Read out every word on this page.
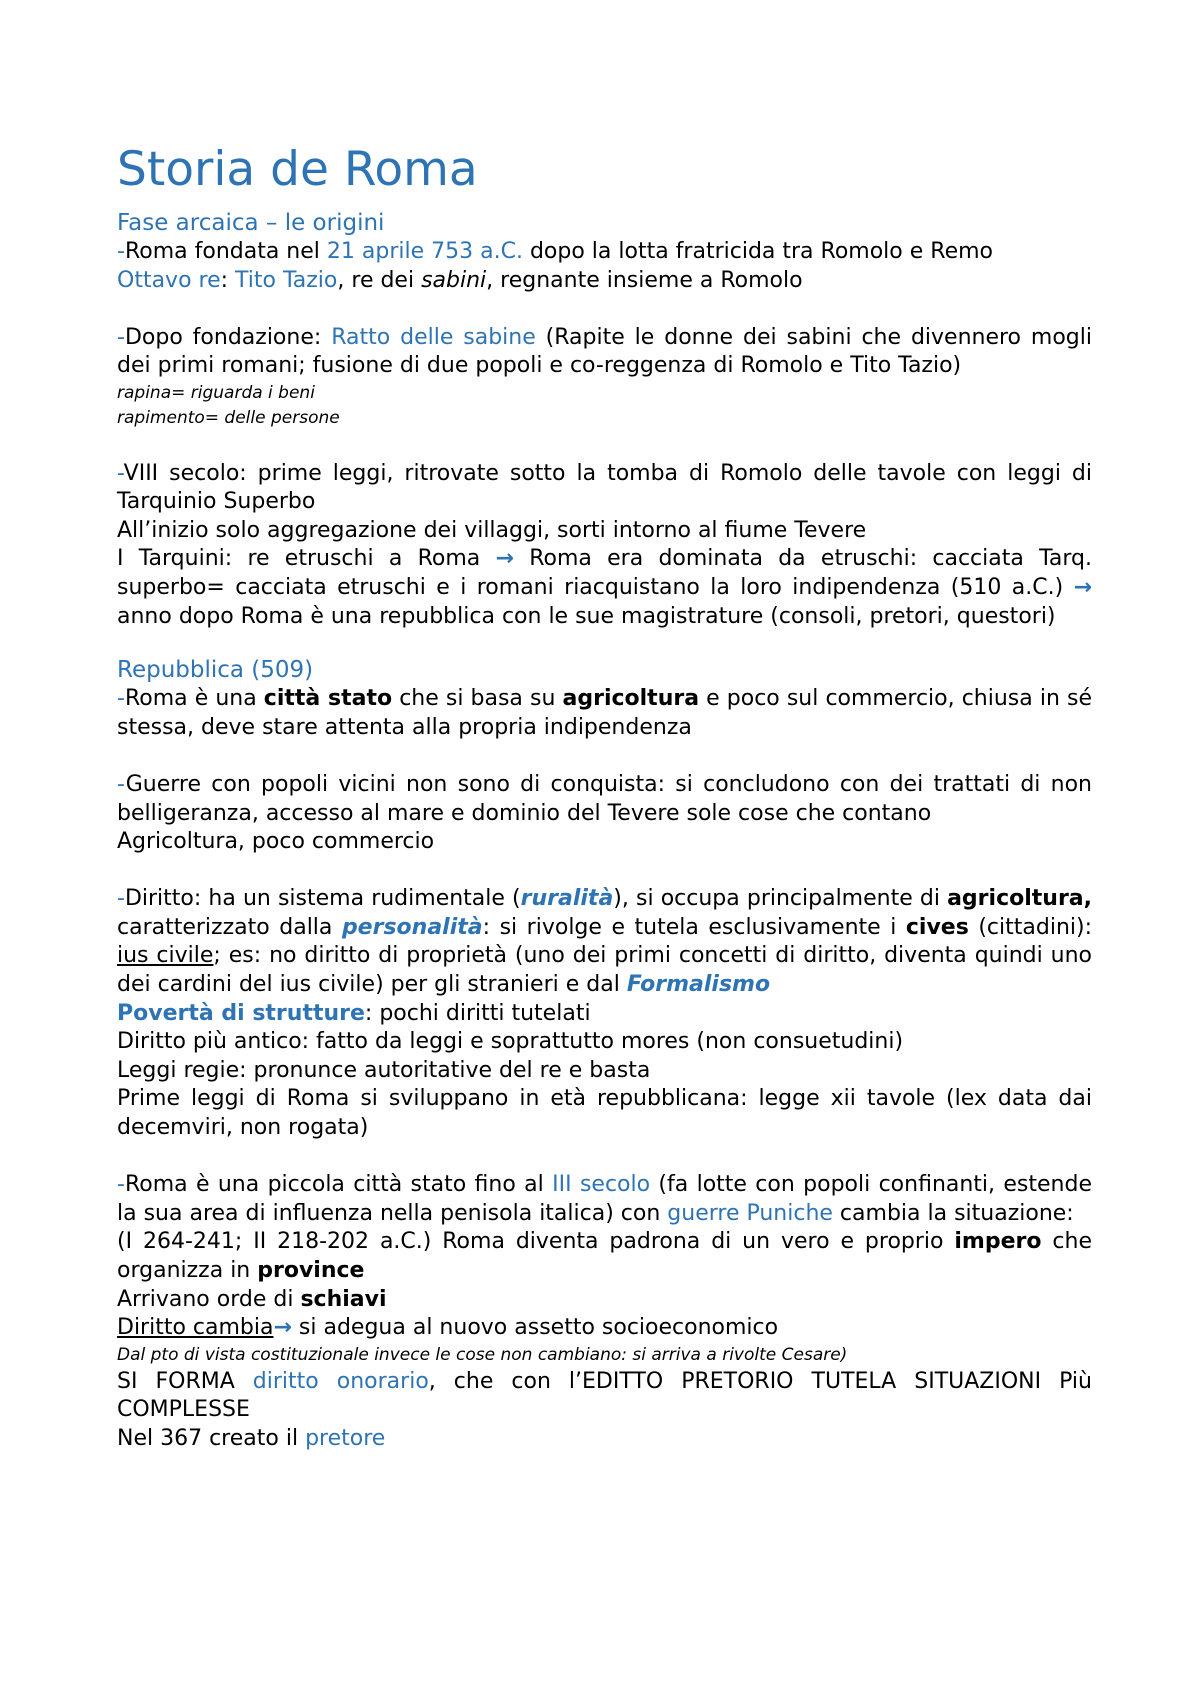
Storia de Roma
Fase arcaica – le origini
-Roma fondata nel 21 aprile 753 a.C. dopo la lotta fratricida tra Romolo e Remo
Ottavo re: Tito Tazio, re dei sabini, regnante insieme a Romolo
-Dopo fondazione: Ratto delle sabine (Rapite le donne dei sabini che divennero mogli dei primi romani; fusione di due popoli e co-reggenza di Romolo e Tito Tazio)
rapina= riguarda i beni
rapimento= delle persone
-VIII secolo: prime leggi, ritrovate sotto la tomba di Romolo delle tavole con leggi di Tarquinio Superbo
All’inizio solo aggregazione dei villaggi, sorti intorno al fiume Tevere
I Tarquini: re etruschi a Roma → Roma era dominata da etruschi: cacciata Tarq. superbo= cacciata etruschi e i romani riacquistano la loro indipendenza (510 a.C.) → anno dopo Roma è una repubblica con le sue magistrature (consoli, pretori, questori)
Repubblica (509)
-Roma è una città stato che si basa su agricoltura e poco sul commercio, chiusa in sé stessa, deve stare attenta alla propria indipendenza
-Guerre con popoli vicini non sono di conquista: si concludono con dei trattati di non belligeranza, accesso al mare e dominio del Tevere sole cose che contano
Agricoltura, poco commercio
-Diritto: ha un sistema rudimentale (ruralità), si occupa principalmente di agricoltura, caratterizzato dalla personalità: si rivolge e tutela esclusivamente i cives (cittadini): ius civile; es: no diritto di proprietà (uno dei primi concetti di diritto, diventa quindi uno dei cardini del ius civile) per gli stranieri e dal Formalismo
Povertà di strutture: pochi diritti tutelati
Diritto più antico: fatto da leggi e soprattutto mores (non consuetudini)
Leggi regie: pronunce autoritative del re e basta
Prime leggi di Roma si sviluppano in età repubblicana: legge xii tavole (lex data dai decemviri, non rogata)
-Roma è una piccola città stato fino al III secolo (fa lotte con popoli confinanti, estende la sua area di influenza nella penisola italica) con guerre Puniche cambia la situazione:
(I 264-241; II 218-202 a.C.) Roma diventa padrona di un vero e proprio impero che organizza in province
Arrivano orde di schiavi
Diritto cambia→ si adegua al nuovo assetto socioeconomico
Dal pto di vista costituzionale invece le cose non cambiano: si arriva a rivolte Cesare)
SI FORMA diritto onorario, che con l’EDITTO PRETORIO TUTELA SITUAZIONI Più COMPLESSE
Nel 367 creato il pretore
